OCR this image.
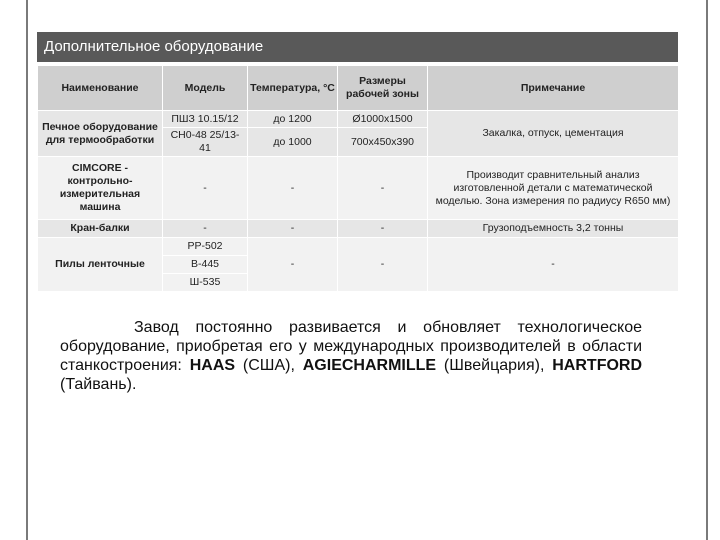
Дополнительное оборудование
Наименование	Модель	Температура, °С	Размеры рабочей зоны	Примечание
Печное оборудование для термообработки	ПШЗ 10.15/12	до 1200	Ø1000х1500	Закалка, отпуск, цементация
	СН0-48 25/13-41	до 1000	700х450х390	
CIMCORE - контрольно-измерительная машина	-	-	-	Производит сравнительный анализ изготовленной детали с математической моделью. Зона измерения по радиусу R650 мм)
Кран-балки	-	-	-	Грузоподъемность 3,2 тонны
Пилы ленточные	PP-502	-	-	-
	B-445			
	Ш-535			
Завод постоянно развивается и обновляет технологическое оборудование, приобретая его у международных производителей в области станкостроения: HAAS (США), AGIECHARMILLE (Швейцария), HARTFORD (Тайвань).
